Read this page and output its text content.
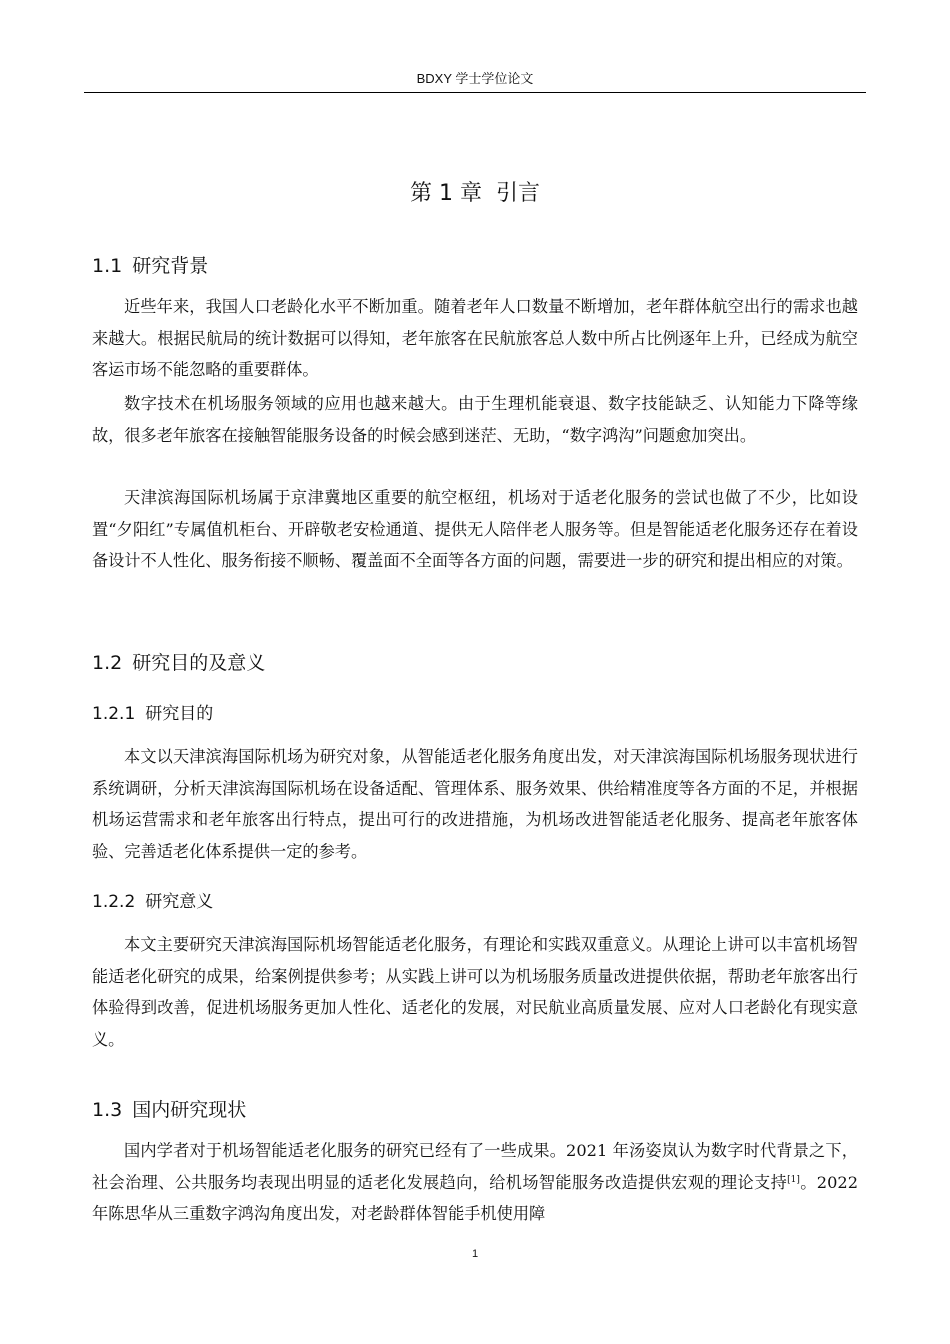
BDXY 学士学位论文
第 1 章 引言
1.1 研究背景

近些年来，我国人口老龄化水平不断加重。随着老年人口数量不断增加，老年群体航空出行的需求也越来越大。根据民航局的统计数据可以得知，老年旅客在民航旅客总人数中所占比例逐年上升，已经成为航空客运市场不能忽略的重要群体。

数字技术在机场服务领域的应用也越来越大。由于生理机能衰退、数字技能缺乏、认知能力下降等缘故，很多老年旅客在接触智能服务设备的时候会感到迷茫、无助，“数字鸿沟”问题愈加突出。

天津滨海国际机场属于京津冀地区重要的航空枢纽，机场对于适老化服务的尝试也做了不少，比如设置“夕阳红”专属值机柜台、开辟敬老安检通道、提供无人陪伴老人服务等。但是智能适老化服务还存在着设备设计不人性化、服务衔接不顺畅、覆盖面不全面等各方面的问题，需要进一步的研究和提出相应的对策。

1.2 研究目的及意义
1.2.1 研究目的

本文以天津滨海国际机场为研究对象，从智能适老化服务角度出发，对天津滨海国际机场服务现状进行系统调研，分析天津滨海国际机场在设备适配、管理体系、服务效果、供给精准度等各方面的不足，并根据机场运营需求和老年旅客出行特点，提出可行的改进措施，为机场改进智能适老化服务、提高老年旅客体验、完善适老化体系提供一定的参考。

1.2.2 研究意义

本文主要研究天津滨海国际机场智能适老化服务，有理论和实践双重意义。从理论上讲可以丰富机场智能适老化研究的成果，给案例提供参考；从实践上讲可以为机场服务质量改进提供依据，帮助老年旅客出行体验得到改善，促进机场服务更加人性化、适老化的发展，对民航业高质量发展、应对人口老龄化有现实意义。

1.3 国内研究现状

国内学者对于机场智能适老化服务的研究已经有了一些成果。2021 年汤姿岚认为数字时代背景之下，社会治理、公共服务均表现出明显的适老化发展趋向，给机场智能服务改造提供宏观的理论支持[1]。2022 年陈思华从三重数字鸿沟角度出发，对老龄群体智能手机使用障

1
